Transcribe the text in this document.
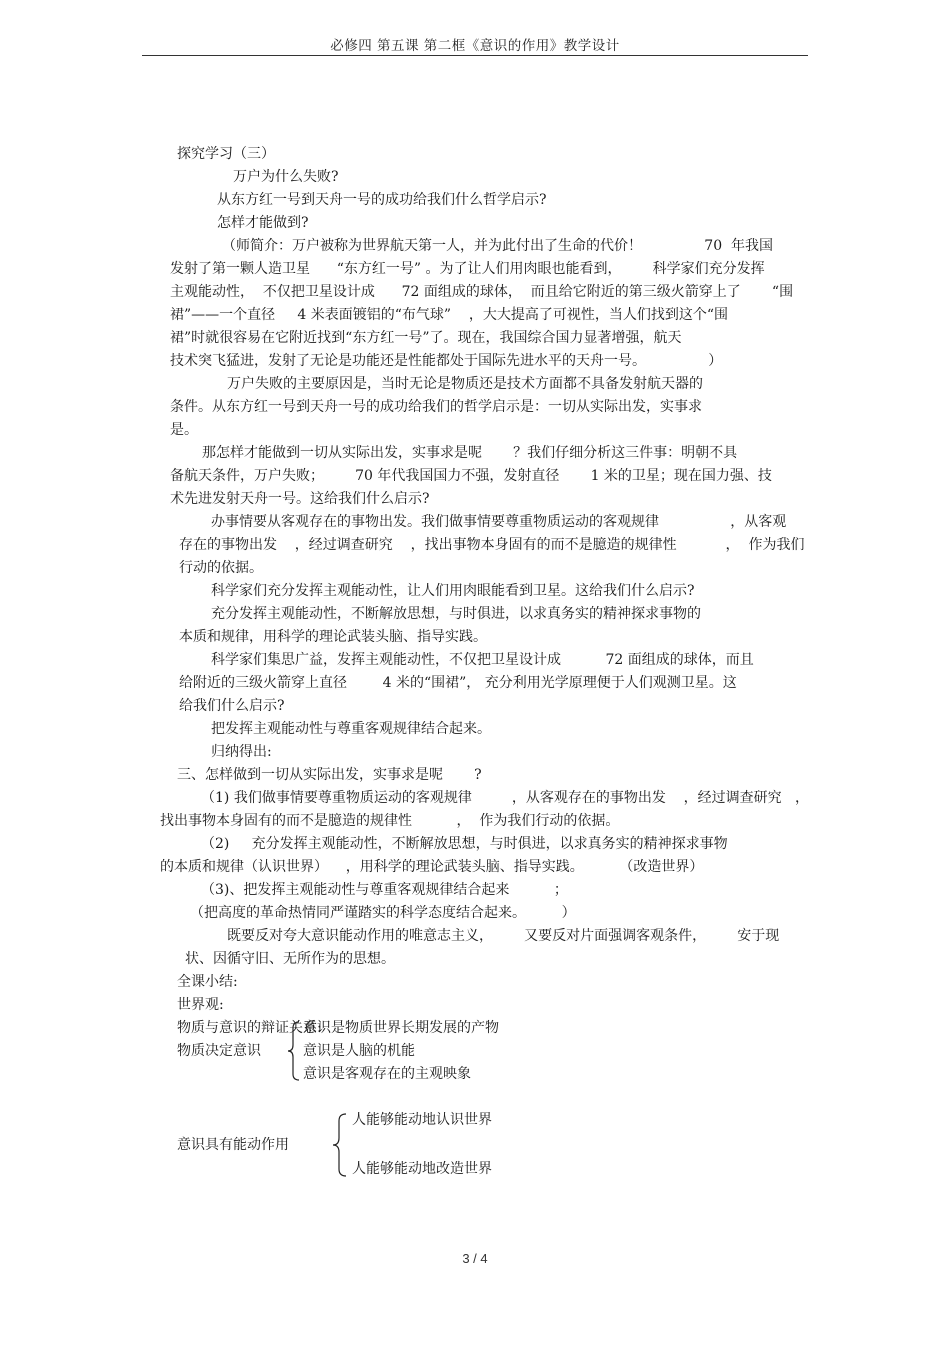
必修四 第五课 第二框《意识的作用》教学设计
探究学习（三）
万户为什么失败?
从东方红一号到天舟一号的成功给我们什么哲学启示?
怎样才能做到?
（师简介：万户被称为世界航天第一人，并为此付出了生命的代价！              70  年我国
发射了第一颗人造卫星      “东方红一号” 。为了让人们用肉眼也能看到，       科学家们充分发挥
主观能动性，  不仅把卫星设计成      72 面组成的球体，  而且给它附近的第三级火箭穿上了       “围
裙”——一个直径     4 米表面镀铝的“布气球”    ，大大提高了可视性，当人们找到这个“围
裙”时就很容易在它附近找到“东方红一号”了。现在，我国综合国力显著增强，航天
技术突飞猛进，发射了无论是功能还是性能都处于国际先进水平的天舟一号。              ）
万户失败的主要原因是，当时无论是物质还是技术方面都不具备发射航天器的
条件。从东方红一号到天舟一号的成功给我们的哲学启示是：一切从实际出发，实事求
是。
那怎样才能做到一切从实际出发，实事求是呢       ？我们仔细分析这三件事：明朝不具
备航天条件，万户失败；       70 年代我国国力不强，发射直径       1 米的卫星；现在国力强、技
术先进发射天舟一号。这给我们什么启示?
办事情要从客观存在的事物出发。我们做事情要尊重物质运动的客观规律                ，从客观
存在的事物出发    ，经过调查研究    ，找出事物本身固有的而不是臆造的规律性           ，  作为我们
行动的依据。
科学家们充分发挥主观能动性，让人们用肉眼能看到卫星。这给我们什么启示?
充分发挥主观能动性，不断解放思想，与时俱进，以求真务实的精神探求事物的
本质和规律，用科学的理论武装头脑、指导实践。
科学家们集思广益，发挥主观能动性，不仅把卫星设计成          72 面组成的球体，而且
给附近的三级火箭穿上直径        4 米的“围裙”， 充分利用光学原理便于人们观测卫星。这
给我们什么启示?
把发挥主观能动性与尊重客观规律结合起来。
归纳得出:
三、怎样做到一切从实际出发，实事求是呢       ?
（1) 我们做事情要尊重物质运动的客观规律         ，从客观存在的事物出发    ，经过调查研究   ，
找出事物本身固有的而不是臆造的规律性          ，  作为我们行动的依据。
（2)     充分发挥主观能动性，不断解放思想，与时俱进，以求真务实的精神探求事物
的本质和规律（认识世界）    ，用科学的理论武装头脑、指导实践。        （改造世界）
（3)、把发挥主观能动性与尊重客观规律结合起来          ；
（把高度的革命热情同严谨踏实的科学态度结合起来。        ）
既要反对夸大意识能动作用的唯意志主义，       又要反对片面强调客观条件，       安于现
状、因循守旧、无所作为的思想。
全课小结:
世界观:
物质与意识的辩证关系:
物质决定意识
意识是物质世界长期发展的产物
意识是人脑的机能
意识是客观存在的主观映象
意识具有能动作用
人能够能动地认识世界
人能够能动地改造世界
3 / 4
